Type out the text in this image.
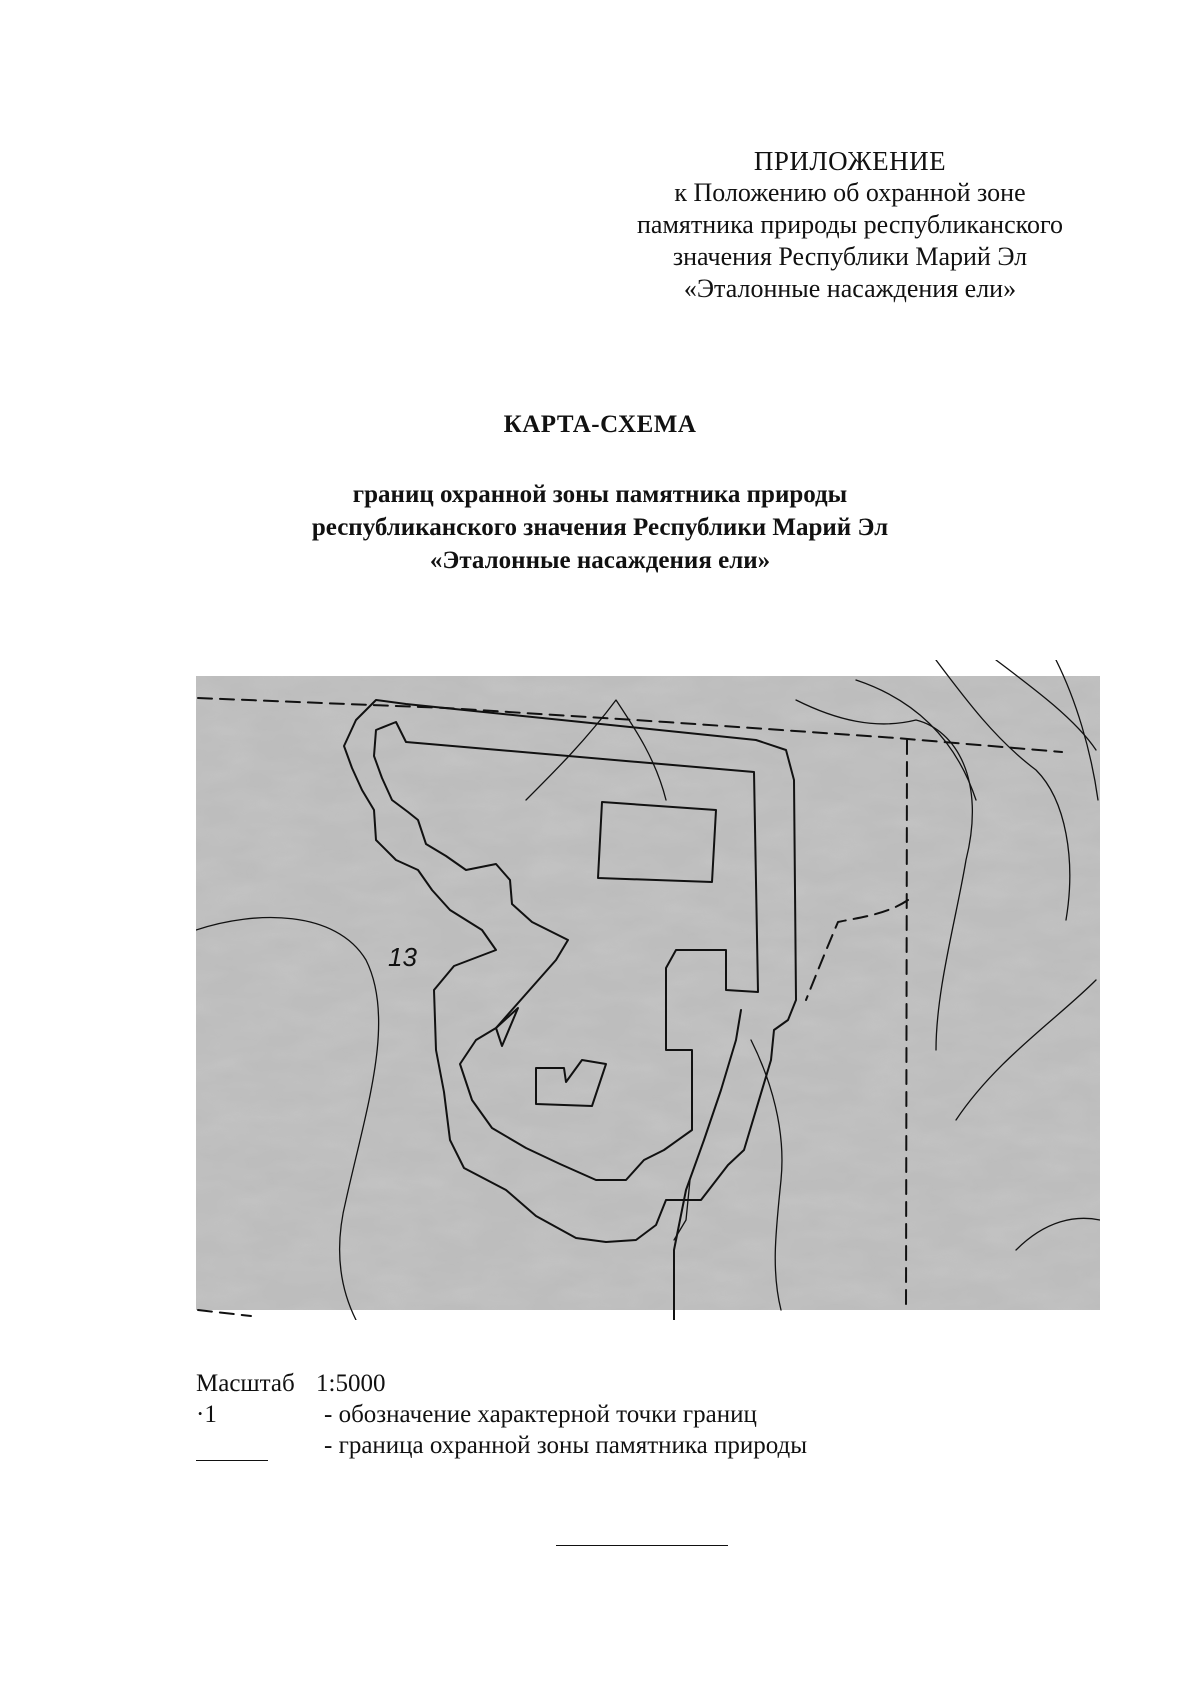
ПРИЛОЖЕНИЕ
к Положению об охранной зоне
памятника природы республиканского
значения Республики Марий Эл
«Эталонные насаждения ели»
КАРТА-СХЕМА
границ охранной зоны памятника природы
республиканского значения Республики Марий Эл
«Эталонные насаждения ели»
13
Масштаб 1:5000
·1	- обозначение характерной точки границ
- граница охранной зоны памятника природы
